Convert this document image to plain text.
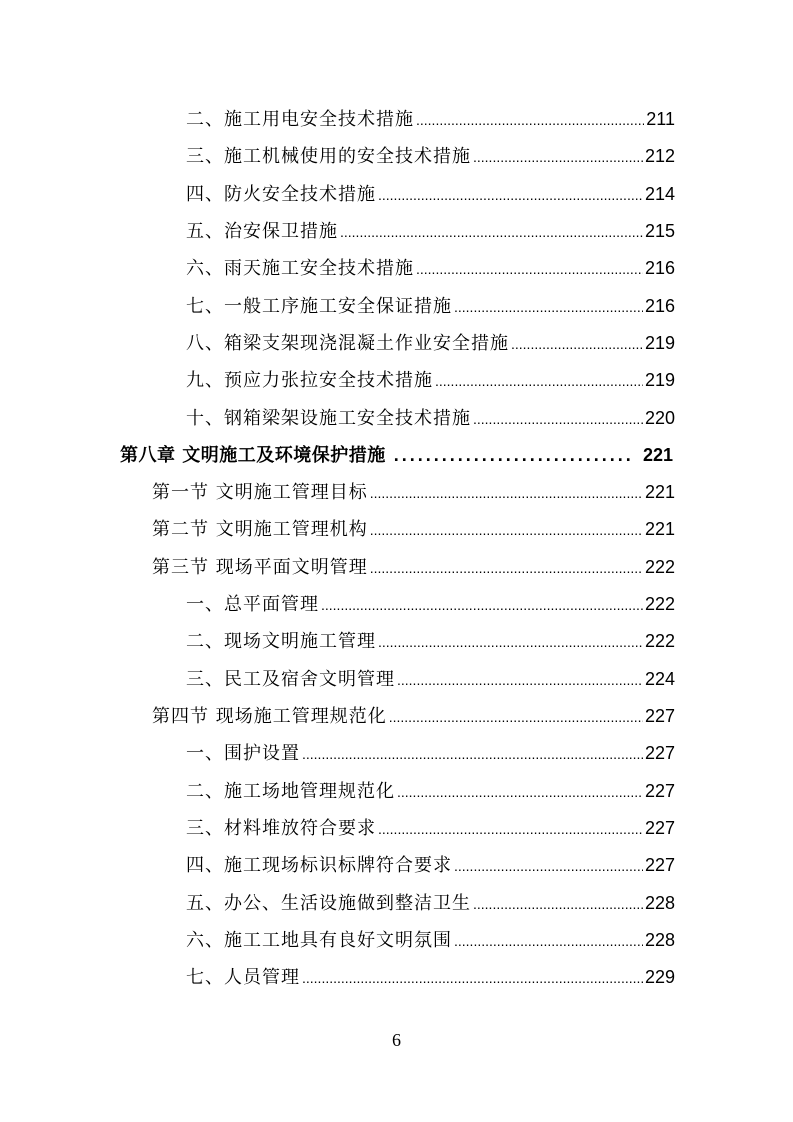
二、施工用电安全技术措施 .....	211
三、施工机械使用的安全技术措施 .....	212
四、防火安全技术措施 .....	214
五、治安保卫措施 .....	215
六、雨天施工安全技术措施 .....	216
七、一般工序施工安全保证措施 .....	216
八、箱梁支架现浇混凝土作业安全措施 .....	219
九、预应力张拉安全技术措施 .....	219
十、钢箱梁架设施工安全技术措施 .....	220
第八章 文明施工及环境保护措施 .....	221
第一节 文明施工管理目标 .....	221
第二节 文明施工管理机构 .....	221
第三节 现场平面文明管理 .....	222
一、总平面管理 .....	222
二、现场文明施工管理 .....	222
三、民工及宿舍文明管理 .....	224
第四节 现场施工管理规范化 .....	227
一、围护设置 .....	227
二、施工场地管理规范化 .....	227
三、材料堆放符合要求 .....	227
四、施工现场标识标牌符合要求 .....	227
五、办公、生活设施做到整洁卫生 .....	228
六、施工工地具有良好文明氛围 .....	228
七、人员管理 .....	229
6
